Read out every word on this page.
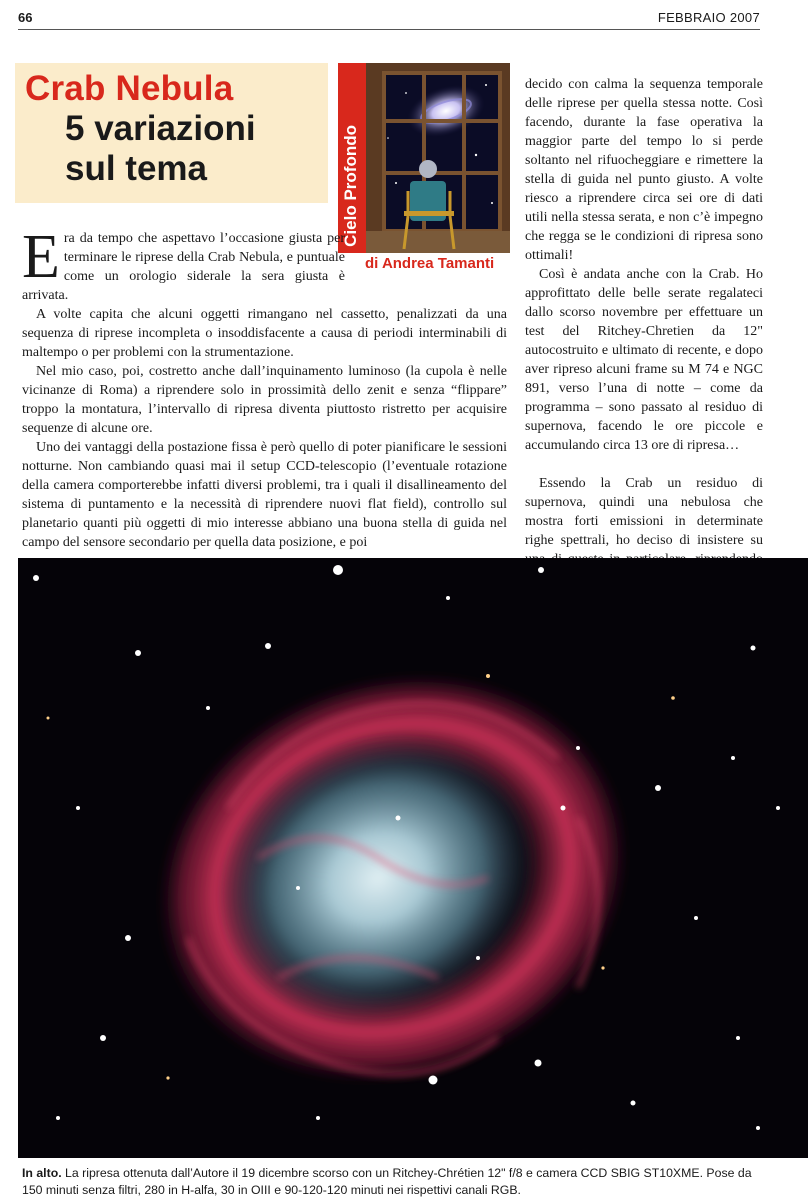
66	FEBBRAIO 2007
Crab Nebula
5 variazioni
sul tema	Cielo Profondo
di Andrea Tamanti

E ra da tempo che aspettavo l’occasione giusta per terminare le riprese della Crab Nebula, e puntuale come un orologio siderale la sera giusta è arrivata.

A volte capita che alcuni oggetti rimangano nel cassetto, penalizzati da una sequenza di riprese incompleta o insoddisfacente a causa di periodi interminabili di maltempo o per problemi con la strumentazione.

Nel mio caso, poi, costretto anche dall’inquinamento luminoso (la cupola è nelle vicinanze di Roma) a riprendere solo in prossimità dello zenit e senza “flippare” troppo la montatura, l’intervallo di ripresa diventa piuttosto ristretto per acquisire sequenze di alcune ore.

Uno dei vantaggi della postazione fissa è però quello di poter pianificare le sessioni notturne. Non cambiando quasi mai il setup CCD-telescopio (l’eventuale rotazione della camera comporterebbe infatti diversi problemi, tra i quali il disallineamento del sistema di puntamento e la necessità di riprendere nuovi flat field), controllo sul planetario quanti più oggetti di mio interesse abbiano una buona stella di guida nel campo del sensore secondario per quella data posizione, e poi

decido con calma la sequenza temporale delle riprese per quella stessa notte. Così facendo, durante la fase operativa la maggior parte del tempo lo si perde soltanto nel rifuocheggiare e rimettere la stella di guida nel punto giusto. A volte riesco a riprendere circa sei ore di dati utili nella stessa serata, e non c’è impegno che regga se le condizioni di ripresa sono ottimali!

Così è andata anche con la Crab. Ho approfittato delle belle serate regalateci dallo scorso novembre per effettuare un test del Ritchey-Chretien da 12" autocostruito e ultimato di recente, e dopo aver ripreso alcuni frame su M 74 e NGC 891, verso l’una di notte – come da programma – sono passato al residuo di supernova, facendo le ore piccole e accumulando circa 13 ore di ripresa…

Essendo la Crab un residuo di supernova, quindi una nebulosa che mostra forti emissioni in determinate righe spettrali, ho deciso di insistere su

In alto. La ripresa ottenuta dall’Autore il 19 dicembre scorso con un Ritchey-Chrétien 12" f/8 e camera CCD SBIG ST10XME. Pose da 150 minuti senza filtri, 280 in H-alfa, 30 in OIII e 90-120-120 minuti nei rispettivi canali RGB.
